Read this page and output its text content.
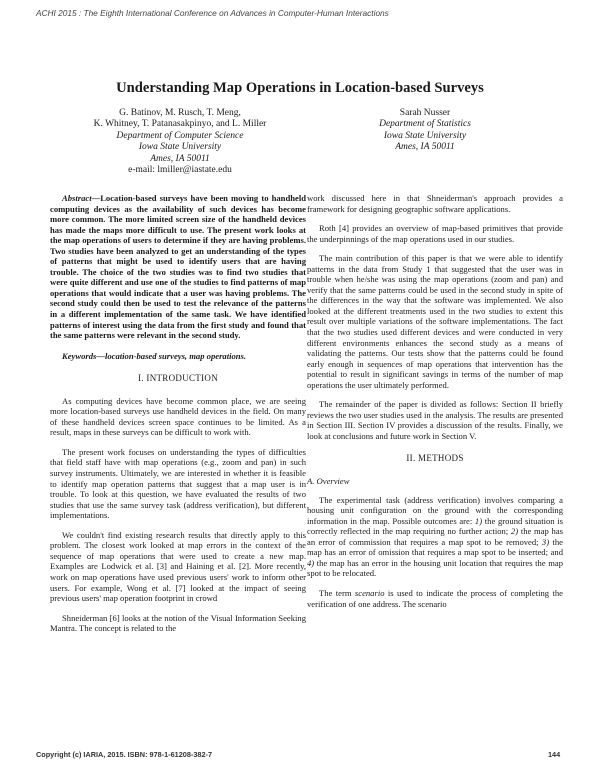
ACHI 2015 : The Eighth International Conference on Advances in Computer-Human Interactions
Understanding Map Operations in Location-based Surveys
G. Batinov, M. Rusch, T. Meng,
K. Whitney, T. Patanasakpinyo, and L. Miller
Department of Computer Science
Iowa State University
Ames, IA 50011
e-mail: lmiller@iastate.edu
Sarah Nusser
Department of Statistics
Iowa State University
Ames, IA 50011

Abstract—Location-based surveys have been moving to handheld computing devices as the availability of such devices has become more common. The more limited screen size of the handheld devices has made the maps more difficult to use. The present work looks at the map operations of users to determine if they are having problems. Two studies have been analyzed to get an understanding of the types of patterns that might be used to identify users that are having trouble. The choice of the two studies was to find two studies that were quite different and use one of the studies to find patterns of map operations that would indicate that a user was having problems. The second study could then be used to test the relevance of the patterns in a different implementation of the same task. We have identified patterns of interest using the data from the first study and found that the same patterns were relevant in the second study.

Keywords—location-based surveys, map operations.

I. INTRODUCTION

As computing devices have become common place, we are seeing more location-based surveys use handheld devices in the field. On many of these handheld devices screen space continues to be limited. As a result, maps in these surveys can be difficult to work with.

The present work focuses on understanding the types of difficulties that field staff have with map operations (e.g., zoom and pan) in such survey instruments. Ultimately, we are interested in whether it is feasible to identify map operation patterns that suggest that a map user is in trouble. To look at this question, we have evaluated the results of two studies that use the same survey task (address verification), but different implementations.

We couldn't find existing research results that directly apply to this problem. The closest work looked at map errors in the context of the sequence of map operations that were used to create a new map. Examples are Lodwick et al. [3] and Haining et al. [2]. More recently, work on map operations have used previous users' work to inform other users. For example, Wong et al. [7] looked at the impact of seeing previous users' map operation footprint in crowd

Shneiderman [6] looks at the notion of the Visual Information Seeking Mantra. The concept is related to the

work discussed here in that Shneiderman's approach provides a framework for designing geographic software applications.

Roth [4] provides an overview of map-based primitives that provide the underpinnings of the map operations used in our studies.

The main contribution of this paper is that we were able to identify patterns in the data from Study 1 that suggested that the user was in trouble when he/she was using the map operations (zoom and pan) and verify that the same patterns could be used in the second study in spite of the differences in the way that the software was implemented. We also looked at the different treatments used in the two studies to extent this result over multiple variations of the software implementations. The fact that the two studies used different devices and were conducted in very different environments enhances the second study as a means of validating the patterns. Our tests show that the patterns could be found early enough in sequences of map operations that intervention has the potential to result in significant savings in terms of the number of map operations the user ultimately performed.

The remainder of the paper is divided as follows: Section II briefly reviews the two user studies used in the analysis. The results are presented in Section III. Section IV provides a discussion of the results. Finally, we look at conclusions and future work in Section V.

II. METHODS

A. Overview

The experimental task (address verification) involves comparing a housing unit configuration on the ground with the corresponding information in the map. Possible outcomes are: 1) the ground situation is correctly reflected in the map requiring no further action; 2) the map has an error of commission that requires a map spot to be removed; 3) the map has an error of omission that requires a map spot to be inserted; and 4) the map has an error in the housing unit location that requires the map spot to be relocated.

The term scenario is used to indicate the process of completing the verification of one address. The scenario

Copyright (c) IARIA, 2015. ISBN: 978-1-61208-382-7	144
